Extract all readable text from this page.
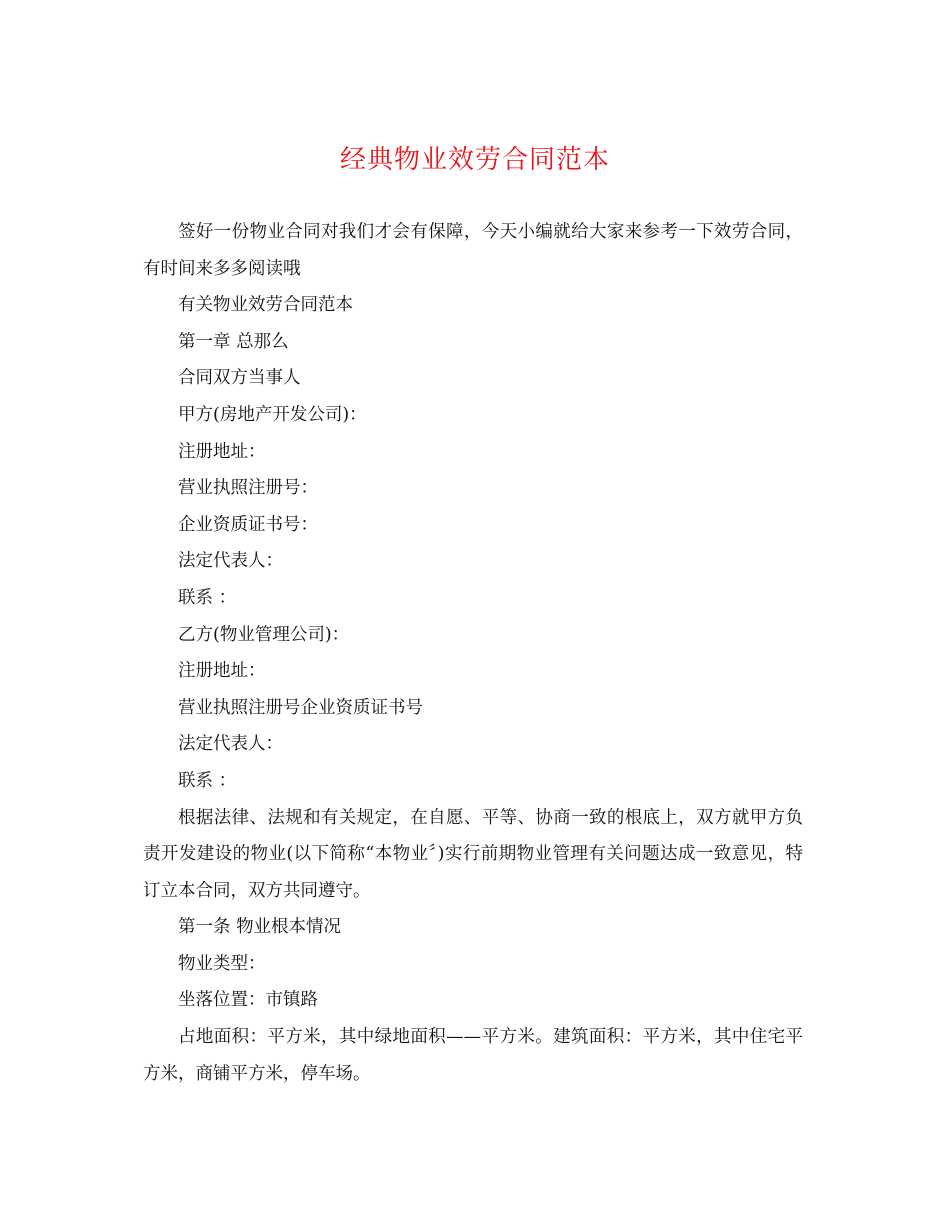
经典物业效劳合同范本

签好一份物业合同对我们才会有保障，今天小编就给大家来参考一下效劳合同，有时间来多多阅读哦

有关物业效劳合同范本

第一章 总那么

合同双方当事人

甲方(房地产开发公司)：

注册地址：

营业执照注册号：

企业资质证书号：

法定代表人：

联系 ：

乙方(物业管理公司)：

注册地址：

营业执照注册号企业资质证书号

法定代表人：

联系 ：

根据法律、法规和有关规定，在自愿、平等、协商一致的根底上，双方就甲方负责开发建设的物业(以下简称“本物业〞)实行前期物业管理有关问题达成一致意见，特订立本合同，双方共同遵守。

第一条 物业根本情况

物业类型：

坐落位置：市镇路

占地面积：平方米，其中绿地面积——平方米。建筑面积：平方米，其中住宅平方米，商铺平方米，停车场。
